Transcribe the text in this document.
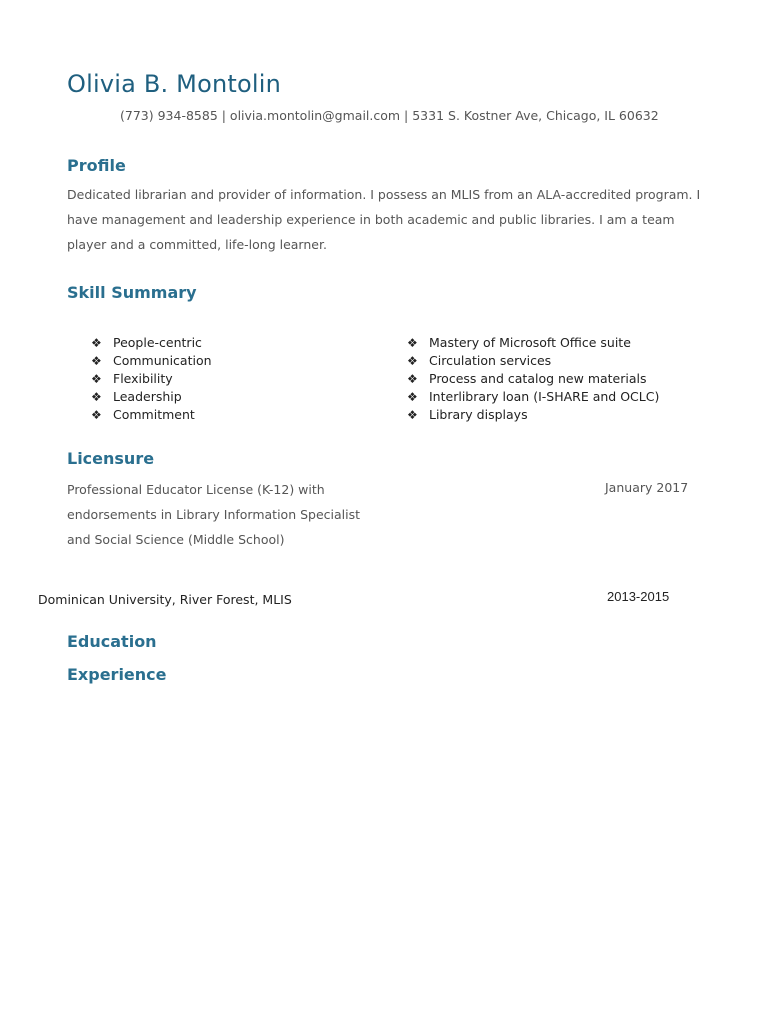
Olivia B. Montolin
(773) 934-8585 | olivia.montolin@gmail.com | 5331 S. Kostner Ave, Chicago, IL 60632
Profile
Dedicated librarian and provider of information. I possess an MLIS from an ALA-accredited program. I have management and leadership experience in both academic and public libraries. I am a team player and a committed, life-long learner.
Skill Summary
❖ People-centric
❖ Communication
❖ Flexibility
❖ Leadership
❖ Commitment
❖ Mastery of Microsoft Office suite
❖ Circulation services
❖ Process and catalog new materials
❖ Interlibrary loan (I-SHARE and OCLC)
❖ Library displays
Licensure
Professional Educator License (K-12) with endorsements in Library Information Specialist and Social Science (Middle School)
January 2017
Dominican University, River Forest, MLIS	2013-2015
Education
Experience
